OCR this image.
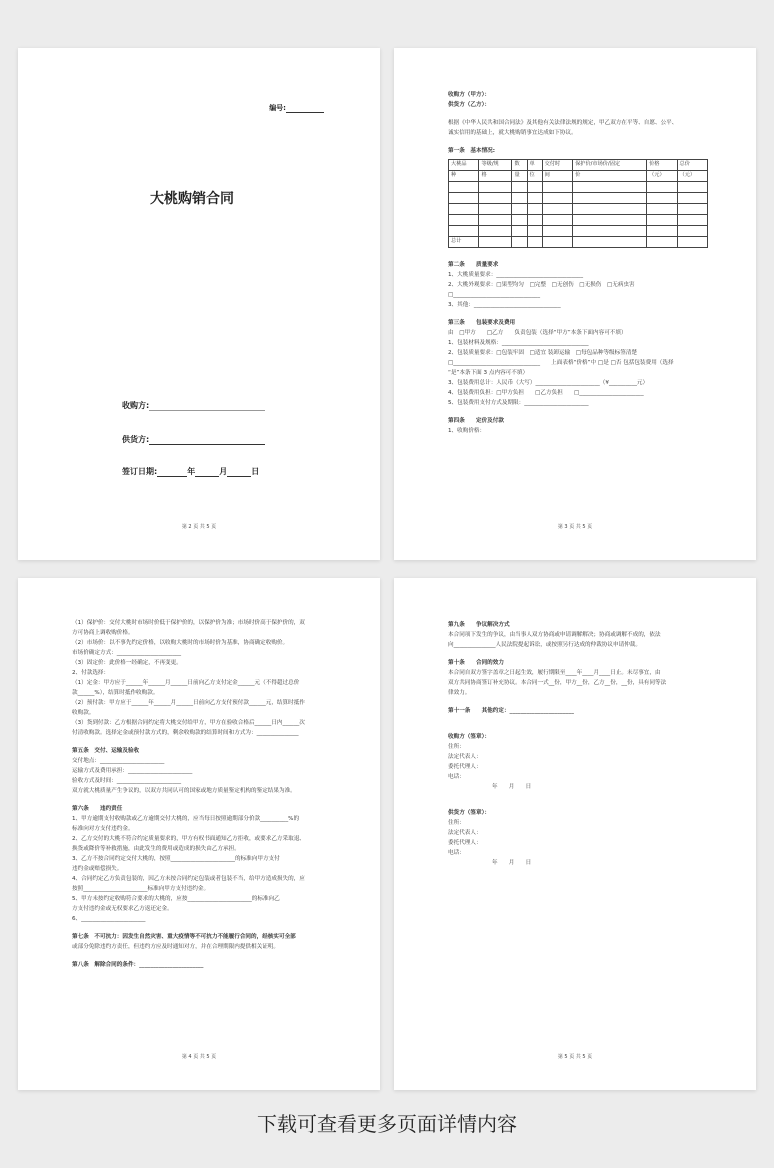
编号:
大桃购销合同
收购方:
供货方:
签订日期:	年	月	日
第 2 页 共 5 页
收购方（甲方）：
供货方（乙方）：
根据《中华人民共和国合同法》及其他有关法律法规的规定，甲乙双方在平等、自愿、公平、
诚实信用的基础上，就大桃购销事宜达成如下协议。
第一条　基本情况:
大桃品	等级/规	数	单	交付时	保护价/市场价/固定	价格	总价
种	格	量	位	间	价	（元）	（元）

总计							
第二条　　质量要求
1、大桃质量要求：_______________________________
2、大桃外观要求：□果型均匀　□完整　□无创伤　□无损伤　□无病虫害
□_______________________________
3、其他：_______________________________
第三条　　包装要求及费用
由　□甲方　　□乙方　　负责包装（选择“甲方”本条下面内容可不填）
1、包装材料及规格：_______________________________
2、包装质量要求：□包装牢固　□适宜 装卸运输　□每包品种等级标签清楚
□_______________________________　　上面表格“价格”中 □是 □否 包括包装费用（选择
“是”本条下面 3 点内容可不填）
3、包装费用总计：人民币（大写）_______________________（¥__________元）
4、包装费用负担：□甲方负担　　□乙方负担　　□_______________________
5、包装费用支付方式及期限：_______________________
第四条　　定价及付款
1、收购价格：
第 3 页 共 5 页
（1）保护价：交付大桃时市场时价低于保护价的，以保护价为准；市场时价高于保护价的，双
方可协商上调收购价格。
（2）市场价：以不事先约定价格，以收购大桃时的市场时价为基准，协商确定收购价。
市场价确定方式：_______________________
（3）固定价：此价格一经确定，不再变更。
2、付款选择：
（1）定金：甲方应于______年______月______日前向乙方支付定金______元（不得超过总价
款______%），结算时抵作收购款。
（2）预付款：甲方应于______年______月______日前向乙方支付预付款______元，结算时抵作
收购款。
（3）货到付款：乙方根据合同约定将大桃交付给甲方，甲方在验收合格后______日内______次
付清收购款。选择定金或预付款方式的，剩余收购款的结算时间和方式为：_______________
第五条　交付、运输及验收
交付地点：_______________________
运输方式及费用承担：_______________________
验收方式及时间：_______________________
双方就大桃质量产生争议的，以双方共同认可的国家或地方质量鉴定机构的鉴定结果为准。
第六条　　违约责任
1、甲方逾期支付收购款或乙方逾期交付大桃的，应当每日按照逾期部分价款__________%的
标准向对方支付违约金。
2、乙方交付的大桃不符合约定质量要求的，甲方有权书面通知乙方拒收，或要求乙方采取退、
换货或降价等补救措施，由此发生的费用或造成的损失由乙方承担。
3、乙方不按合同约定交付大桃的，按照_______________________的标准向甲方支付
违约金或赔偿损失。
4、合同约定乙方负责包装的，因乙方未按合同约定包装或者包装不当，给甲方造成损失的，应
按照_______________________标准向甲方支付违约金。
5、甲方未按约定收购符合要求的大桃的，应按_______________________的标准向乙
方支付违约金或无权要求乙方返还定金。
6、_______________________
第七条　不可抗力：因发生自然灾害、重大疫情等不可抗力不能履行合同的，经核实可全部
或部分免除违约方责任，但违约方应及时通知对方，并在合理期限内提供相关证明。
第八条　解除合同的条件：_______________________
第 4 页 共 5 页
第九条　　争议解决方式
本合同项下发生的争议，由当事人双方协商或申请调解解决；协商或调解不成的，依法
向_______________人民法院提起诉讼，或按照另行达成的仲裁协议申请仲裁。
第十条　　合同的效力
本合同自双方签字盖章之日起生效，履行期限至____年____月____日止。未尽事宜，由
双方共同协商签订补充协议。本合同一式__份，甲方__份，乙方__份，__份，具有同等法
律效力。
第十一条　　其他约定：_______________________
收购方（签章）：
住所：
法定代表人：
委托代理人：
电话：
年　　月　　日
供货方（签章）：
住所：
法定代表人：
委托代理人：
电话：
年　　月　　日
第 5 页 共 5 页
下载可查看更多页面详情内容
